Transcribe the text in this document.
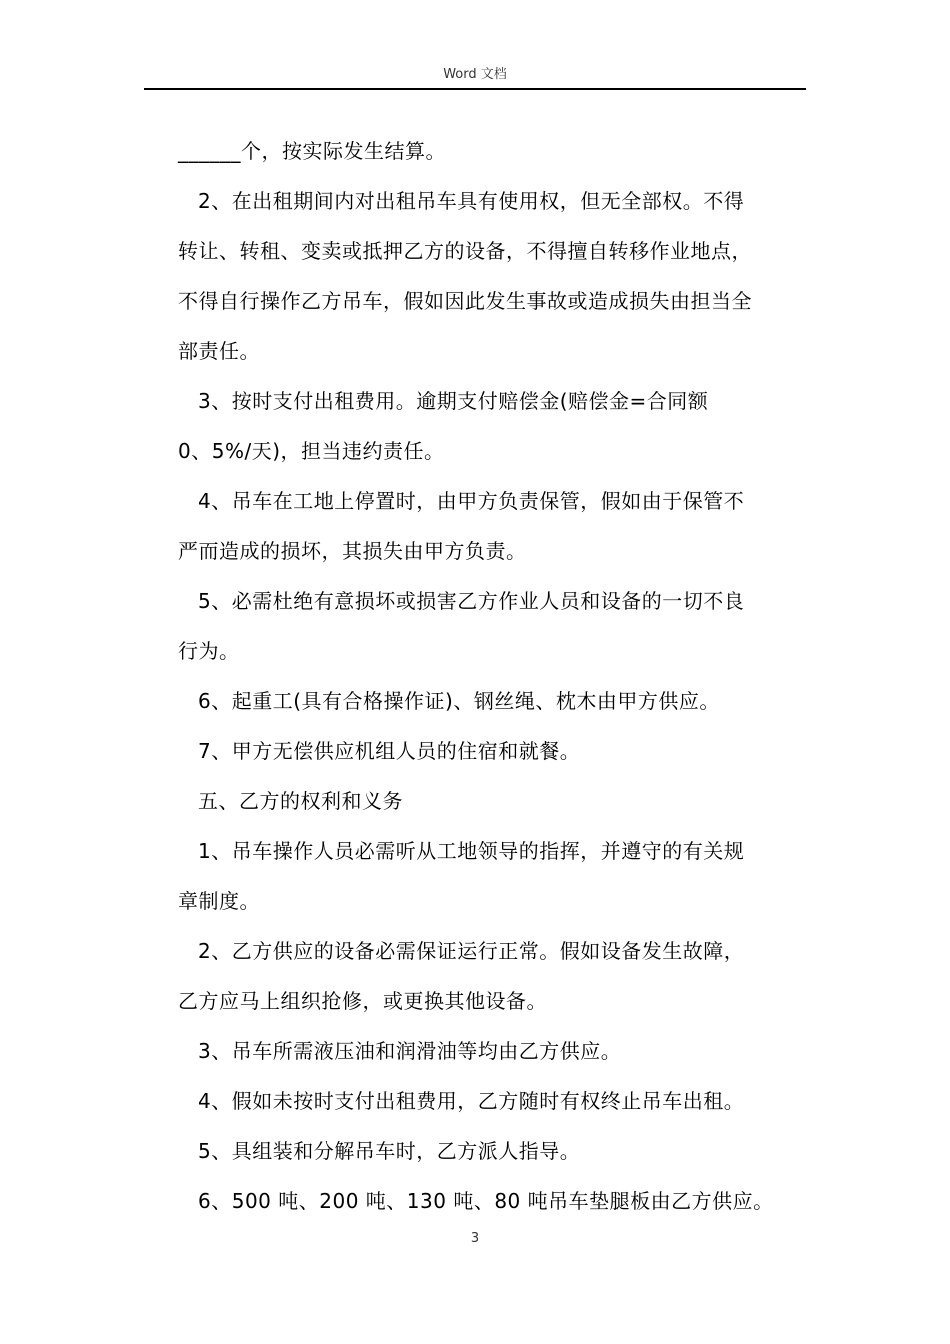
Word 文档

______个，按实际发生结算。

2、在出租期间内对出租吊车具有使用权，但无全部权。不得

转让、转租、变卖或抵押乙方的设备，不得擅自转移作业地点，

不得自行操作乙方吊车，假如因此发生事故或造成损失由担当全

部责任。

3、按时支付出租费用。逾期支付赔偿金(赔偿金=合同额

0、5%/天)，担当违约责任。

4、吊车在工地上停置时，由甲方负责保管，假如由于保管不

严而造成的损坏，其损失由甲方负责。

5、必需杜绝有意损坏或损害乙方作业人员和设备的一切不良

行为。

6、起重工(具有合格操作证)、钢丝绳、枕木由甲方供应。

7、甲方无偿供应机组人员的住宿和就餐。

五、乙方的权利和义务

1、吊车操作人员必需听从工地领导的指挥，并遵守的有关规

章制度。

2、乙方供应的设备必需保证运行正常。假如设备发生故障，

乙方应马上组织抢修，或更换其他设备。

3、吊车所需液压油和润滑油等均由乙方供应。

4、假如未按时支付出租费用，乙方随时有权终止吊车出租。

5、具组装和分解吊车时，乙方派人指导。

6、500 吨、200 吨、130 吨、80 吨吊车垫腿板由乙方供应。

3
